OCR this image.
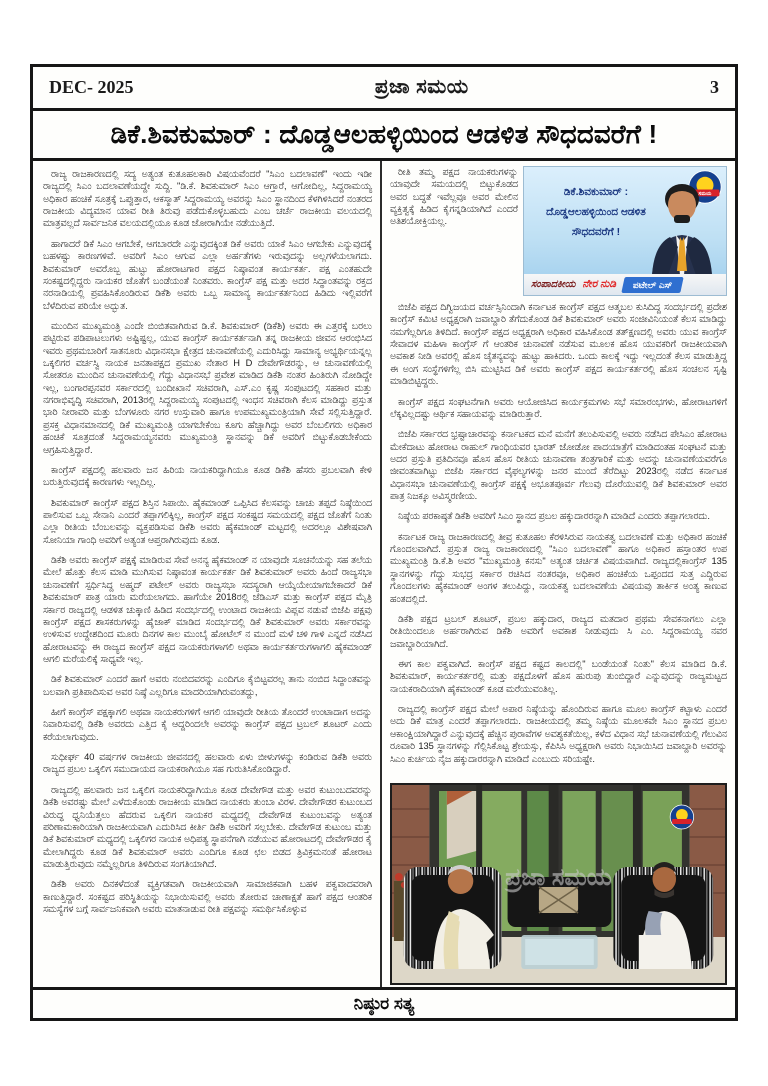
DEC- 2025	ಪ್ರಜಾ ಸಮಯ	3
ಡಿಕೆ.ಶಿವಕುಮಾರ್ : ದೊಡ್ಡಆಲಹಳ್ಳಿಯಿಂದ ಆಡಳಿತ ಸೌಧದವರೆಗೆ !

ರಾಜ್ಯ ರಾಜಕಾರಣದಲ್ಲಿ ಸದ್ಯ ಅತ್ಯಂತ ಕುತೂಹಲಕಾರಿ ವಿಷಯವೆಂದರೆ "ಸಿಎಂ ಬದಲಾವಣೆ" ಇಂದು ಇಡೀ ರಾಜ್ಯದಲ್ಲಿ ಸಿಎಂ ಬದಲಾವಣೆಯದ್ದೇ ಸುದ್ದಿ. "ಡಿ.ಕೆ. ಶಿವಕುಮಾರ್ ಸಿಎಂ ಆಗ್ತಾರೆ, ಆಗೋದಿಲ್ಲ, ಸಿದ್ದರಾಮಯ್ಯ ಅಧಿಕಾರ ಹಂಚಿಕೆ ಸೂತ್ರಕ್ಕೆ ಒಪ್ಪುತ್ತಾರ, ಆಕಸ್ಮಾತ್ ಸಿದ್ದರಾಮಯ್ಯ ಅವರನ್ನು ಸಿಎಂ ಸ್ಥಾನದಿಂದ ಕೆಳಗಿಳಿಸಿದರೆ ನಂತರದ ರಾಜಕೀಯ ವಿದ್ಯಮಾನ ಯಾವ ರೀತಿ ತಿರುವು ಪಡೆದುಕೊಳ್ಳಬಹುದು ಎಂಬ ಚರ್ಚೆ ರಾಜಕೀಯ ವಲಯದಲ್ಲಿ ಮಾತ್ರವಲ್ಲದೆ ಸಾರ್ವಜನಿಕ ವಲಯದಲ್ಲಿಯೂ ಕೂಡ ಜೋರಾಗಿಯೇ ನಡೆಯುತ್ತಿದೆ.

ಹಾಗಾದರೆ ಡಿಕೆ ಸಿಎಂ ಆಗಬೇಕೆ, ಆಗಬಾರದೇ ಎನ್ನುವುದಕ್ಕಿಂತ ಡಿಕೆ ಅವರು ಯಾಕೆ ಸಿಎಂ ಆಗಬೇಕು ಎನ್ನುವುದಕ್ಕೆ ಬಹಳಷ್ಟು ಕಾರಣಗಳಿವೆ. ಅವರಿಗೆ ಸಿಎಂ ಆಗುವ ಎಲ್ಲಾ ಅರ್ಹತೆಗಳು ಇರುವುದನ್ನು ಅಲ್ಲಗಳೆಯಲಾಗದು. ಶಿವಕುಮಾರ್ ಅವರೊಬ್ಬ ಹುಟ್ಟು ಹೋರಾಟಗಾರ ಪಕ್ಷದ ನಿಷ್ಠಾವಂತ ಕಾರ್ಯಕರ್ತ. ಪಕ್ಷ ಎಂತಹುದೇ ಸಂಕಷ್ಟದಲ್ಲಿದ್ದರು ನಾಯಕರ ಜೊತೆಗೆ ಬಂಡೆಯಂತೆ ನಿಂತವರು. ಕಾಂಗ್ರೆಸ್ ಪಕ್ಷ ಮತ್ತು ಅದರ ಸಿದ್ಧಾಂತವನ್ನು ರಕ್ತದ ನರನಾಡಿಯಲ್ಲಿ ಪ್ರವಹಿಸಿಕೊಂಡಿರುವ ಡಿಕೆಶಿ ಅವರು ಒಬ್ಬ ಸಾಮಾನ್ಯ ಕಾರ್ಯಕರ್ತನಿಂದ ಹಿಡಿದು ಇಲ್ಲಿವರೆಗೆ ಬೆಳೆದಿರುವ ಪರಿಯೇ ಅದ್ಭುತ.

ಮುಂದಿನ ಮುಖ್ಯಮಂತ್ರಿ ಎಂದೇ ಬಿಂಬಿತವಾಗಿರುವ ಡಿ.ಕೆ. ಶಿವಕುಮಾರ್ (ಡಿಕೆಶಿ) ಅವರು ಈ ಎತ್ತರಕ್ಕೆ ಬರಲು ಪಟ್ಟಿರುವ ಪಡಿಪಾಟಲುಗಳು ಅಷ್ಟಿಷ್ಟಲ್ಲ, ಯುವ ಕಾಂಗ್ರೆಸ್ ಕಾರ್ಯಕರ್ತನಾಗಿ ತನ್ನ ರಾಜಕೀಯ ಜೀವನ ಆರಂಭಿಸಿದ ಇವರು ಪ್ರಥಮಬಾರಿಗೆ ಸಾತನೂರು ವಿಧಾನಸಭಾ ಕ್ಷೇತ್ರದ ಚುನಾವಣೆಯಲ್ಲಿ ಎದುರಿಸಿದ್ದು ಸಾಮಾನ್ಯ ಅಭ್ಯರ್ಥಿಯನ್ನಲ್ಲ ಒಕ್ಕಲಿಗರ ವರ್ಚಸ್ವಿ ನಾಯಕ ಜನತಾಪಕ್ಷದ ಪ್ರಮುಖ ನೇತಾರ H D ದೇವೇಗೌಡರನ್ನು, ಆ ಚುನಾವಣೆಯಲ್ಲಿ ಸೋತರೂ ಮುಂದಿನ ಚುನಾವಣೆಯಲ್ಲಿ ಗೆದ್ದು ವಿಧಾನಸಭೆ ಪ್ರವೇಶ ಮಾಡಿದ ಡಿಕೆಶಿ ನಂತರ ಹಿಂತಿರುಗಿ ನೋಡಿದ್ದೇ ಇಲ್ಲ, ಬಂಗಾರಪ್ಪನವರ ಸರ್ಕಾರದಲ್ಲಿ ಬಂದೀಖಾನೆ ಸಚಿವರಾಗಿ, ಎಸ್.ಎಂ ಕೃಷ್ಣ ಸಂಪುಟದಲ್ಲಿ ಸಹಕಾರ ಮತ್ತು ನಗರಾಭಿವೃದ್ಧಿ ಸಚಿವರಾಗಿ, 2013ರಲ್ಲಿ ಸಿದ್ದರಾಮಯ್ಯ ಸಂಪುಟದಲ್ಲಿ ಇಂಧನ ಸಚಿವರಾಗಿ ಕೆಲಸ ಮಾಡಿದ್ದು ಪ್ರಸ್ತುತ ಭಾರಿ ನೀರಾವರಿ ಮತ್ತು ಬೆಂಗಳೂರು ನಗರ ಉಸ್ತುವಾರಿ ಹಾಗೂ ಉಪಮುಖ್ಯಮಂತ್ರಿಯಾಗಿ ಸೇವೆ ಸಲ್ಲಿಸುತ್ತಿದ್ದಾರೆ. ಪ್ರಸಕ್ತ ವಿಧಾನಮಾನದಲ್ಲಿ ಡಿಕೆ ಮುಖ್ಯಮಂತ್ರಿ ಯಾಗಬೇಕೆಂಬ ಕೂಗು ಹೆಚ್ಚಾಗಿದ್ದು ಅವರ ಬೆಂಬಲಿಗರು ಅಧಿಕಾರ ಹಂಚಿಕೆ ಸೂತ್ರದಂತೆ ಸಿದ್ದರಾಮಯ್ಯನವರು ಮುಖ್ಯಮಂತ್ರಿ ಸ್ಥಾನವನ್ನು ಡಿಕೆ ಅವರಿಗೆ ಬಿಟ್ಟುಕೊಡಬೇಕೆಂದು ಆಗ್ರಹಿಸುತ್ತಿದ್ದಾರೆ.

ಕಾಂಗ್ರೆಸ್ ಪಕ್ಷದಲ್ಲಿ ಹಲವಾರು ಜನ ಹಿರಿಯ ನಾಯಕರಿದ್ದಾಗಿಯೂ ಕೂಡ ಡಿಕೆಶಿ ಹೆಸರು ಪ್ರಬಲವಾಗಿ ಕೇಳಿ ಬರುತ್ತಿರುವುದಕ್ಕೆ ಕಾರಣಗಳು ಇಲ್ಲದಿಲ್ಲ.

ಶಿವಕುಮಾರ್ ಕಾಂಗ್ರೆಸ್ ಪಕ್ಷದ ಶಿಸ್ತಿನ ಸಿಪಾಯಿ. ಹೈಕಮಾಂಡ್ ಒಪ್ಪಿಸಿದ ಕೆಲಸವನ್ನು ಚಾಚು ತಪ್ಪದೆ ನಿಷ್ಠೆಯಿಂದ ಪಾಲಿಸುವ ಒಬ್ಬ ಸೇನಾನಿ ಎಂದರೆ ತಪ್ಪಾಗಲಿಕ್ಕಿಲ್ಲ, ಕಾಂಗ್ರೆಸ್ ಪಕ್ಷದ ಸಂಕಷ್ಟದ ಸಮಯದಲ್ಲಿ ಪಕ್ಷದ ಜೊತೆಗೆ ನಿಂತು ಎಲ್ಲಾ ರೀತಿಯ ಬೆಂಬಲವನ್ನು ವ್ಯಕ್ತಪಡಿಸುವ ಡಿಕೆಶಿ ಅವರು ಹೈಕಮಾಂಡ್ ಮಟ್ಟದಲ್ಲಿ ಅದರಲ್ಲೂ ವಿಶೇಷವಾಗಿ ಸೋನಿಯಾ ಗಾಂಧಿ ಅವರಿಗೆ ಅತ್ಯಂತ ಆಪ್ತರಾಗಿರುವುದು ಕೂಡ.

ಡಿಕೆಶಿ ಅವರು ಕಾಂಗ್ರೆಸ್ ಪಕ್ಷಕ್ಕೆ ಮಾಡಿರುವ ಸೇವೆ ಅನನ್ಯ ಹೈಕಮಾಂಡ್ ನ ಯಾವುದೇ ಸೂಚನೆಯನ್ನು ಸಹ ತಲೆಯ ಮೇಲೆ ಹೊತ್ತು ಕೆಲಸ ಮಾಡಿ ಮುಗಿಸುವ ನಿಷ್ಠಾವಂತ ಕಾರ್ಯಕರ್ತ ಡಿಕೆ ಶಿವಕುಮಾರ್ ಅವರು ಹಿಂದೆ ರಾಜ್ಯಸಭಾ ಚುನಾವಣೆಗೆ ಸ್ಪರ್ಧಿಸಿದ್ದ ಅಹ್ಮದ್ ಪಟೇಲ್ ಅವರು ರಾಜ್ಯಸಭಾ ಸದಸ್ಯರಾಗಿ ಆಯ್ಕೆಯೇಯಾಗಬೇಕಾದರೆ ಡಿಕೆ ಶಿವಕುಮಾರ್ ಪಾತ್ರ ಯಾರು ಮರೆಯಲಾಗದು. ಹಾಗೆಯೇ 2018ರಲ್ಲಿ ಜೆಡಿಎಸ್ ಮತ್ತು ಕಾಂಗ್ರೆಸ್ ಪಕ್ಷದ ಮೈತ್ರಿ ಸರ್ಕಾರ ರಾಜ್ಯದಲ್ಲಿ ಆಡಳಿತ ಚುಕ್ಕಾಣಿ ಹಿಡಿದ ಸಂದರ್ಭದಲ್ಲಿ ಉಂಟಾದ ರಾಜಕೀಯ ವಿಪ್ಲವ ನಡುವೆ ಬಿಜೆಪಿ ಪಕ್ಷವು ಕಾಂಗ್ರೆಸ್ ಪಕ್ಷದ ಶಾಸಕರುಗಳನ್ನು ಹೈಜಾಕ್ ಮಾಡಿದ ಸಂದರ್ಭದಲ್ಲಿ ಡಿಕೆ ಶಿವಕುಮಾರ್ ಅವರು ಸರ್ಕಾರವನ್ನು ಉಳಿಸುವ ಉದ್ದೇಶದಿಂದ ಮೂರು ದಿನಗಳ ಕಾಲ ಮುಂಬೈ ಹೋಟೆಲ್ ನ ಮುಂದೆ ಮಳೆ ಚಳಿ ಗಾಳಿ ಎನ್ನದೆ ನಡೆಸಿದ ಹೋರಾಟವನ್ನು ಈ ರಾಜ್ಯದ ಕಾಂಗ್ರೆಸ್ ಪಕ್ಷದ ನಾಯಕರುಗಳಾಗಲಿ ಅಥವಾ ಕಾರ್ಯಕರ್ತರುಗಳಾಗಲಿ ಹೈಕಮಾಂಡ್ ಆಗಲಿ ಮರೆಯಲಿಕ್ಕೆ ಸಾಧ್ಯವೇ ಇಲ್ಲ.

ಡಿಕೆ ಶಿವಕುಮಾರ್ ಎಂದರೆ ಹಾಗೆ ಅವರು ನಂಬಿದವರನ್ನು ಎಂದಿಗೂ ಕೈಬಿಟ್ಟವರಲ್ಲ ತಾನು ನಂಬಿದ ಸಿದ್ಧಾಂತವನ್ನು ಬಲವಾಗಿ ಪ್ರತಿಪಾದಿಸುವ ಅವರ ನಿಷ್ಠೆ ಎಲ್ಲರಿಗೂ ಮಾದರಿಯಾಗಿರುವಂತದ್ದು,

ಹೀಗೆ ಕಾಂಗ್ರೆಸ್ ಪಕ್ಷಕ್ಕಾಗಲಿ ಅಥವಾ ನಾಯಕರುಗಳಿಗೆ ಆಗಲಿ ಯಾವುದೇ ರೀತಿಯ ತೊಂದರೆ ಉಂಟಾದಾಗ ಅದನ್ನು ನಿವಾರಿಸುವಲ್ಲಿ ಡಿಕೆಶಿ ಅವರದು ಎತ್ತಿದ ಕೈ ಆದ್ದರಿಂದಲೇ ಅವರನ್ನು ಕಾಂಗ್ರೆಸ್ ಪಕ್ಷದ ಟ್ರಬಲ್ ಶೂಟರ್ ಎಂದು ಕರೆಯಲಾಗುವುದು.

ಸುಧೀರ್ಘ 40 ವರ್ಷಗಳ ರಾಜಕೀಯ ಜೀವನದಲ್ಲಿ ಹಲವಾರು ಏಳು ಬೀಳುಗಳನ್ನು ಕಂಡಿರುವ ಡಿಕೆಶಿ ಅವರು ರಾಜ್ಯದ ಪ್ರಬಲ ಒಕ್ಕಲಿಗ ಸಮುದಾಯದ ನಾಯಕರಾಗಿಯೂ ಸಹ ಗುರುತಿಸಿಕೊಂಡಿದ್ದಾರೆ.

ರಾಜ್ಯದಲ್ಲಿ ಹಲವಾರು ಜನ ಒಕ್ಕಲಿಗ ನಾಯಕರಿದ್ದಾಗಿಯೂ ಕೂಡ ದೇವೇಗೌಡ ಮತ್ತು ಅವರ ಕುಟುಂಬದವರನ್ನು ಡಿಕೆಶಿ ಅವರಷ್ಟು ಮೇಲೆ ಎಳೆದುಕೊಂಡು ರಾಜಕೀಯ ಮಾಡಿದ ನಾಯಕರು ತುಂಬಾ ವಿರಳ. ದೇವೇಗೌಡರ ಕುಟುಂಬದ ವಿರುದ್ಧ ಧ್ವನಿಯೆತ್ತಲು ಹೆದರುವ ಒಕ್ಕಲಿಗ ನಾಯಕರ ಮಧ್ಯದಲ್ಲಿ ದೇವೇಗೌಡ ಕುಟುಂಬವನ್ನು ಅತ್ಯಂತ ಪರಿಣಾಮಕಾರಿಯಾಗಿ ರಾಜಕೀಯವಾಗಿ ಎದುರಿಸಿದ ಕೀರ್ತಿ ಡಿಕೆಶಿ ಅವರಿಗೆ ಸಲ್ಲಬೇಕು. ದೇವೇಗೌಡ ಕುಟುಂಬ ಮತ್ತು ಡಿಕೆ ಶಿವಕುಮಾರ್ ಮಧ್ಯದಲ್ಲಿ ಒಕ್ಕಲಿಗರ ನಾಯಕ ಅಧಿಪತ್ಯ ಸ್ಥಾಪನೆಗಾಗಿ ನಡೆಯುವ ಹೋರಾಟದಲ್ಲಿ ದೇವೇಗೌಡರ ಕೈ ಮೇಲಾಗಿದ್ದರು ಕೂಡ ಡಿಕೆ ಶಿವಕುಮಾರ್ ಅವರು ಎಂದಿಗೂ ಕೂಡ ಛಲ ಬಿಡದ ತ್ರಿವಿಕ್ರಮನಂತೆ ಹೋರಾಟ ಮಾಡುತ್ತಿರುವುದು ನಮ್ಮೆಲ್ಲರಿಗೂ ತಿಳಿದಿರುವ ಸಂಗತಿಯಾಗಿದೆ.

ಡಿಕೆಶಿ ಅವರು ದಿನಕಳೆದಂತೆ ವ್ಯಕ್ತಿಗತವಾಗಿ ರಾಜಕೀಯವಾಗಿ ಸಾಮಾಜಿಕವಾಗಿ ಬಹಳ ಪಕ್ವವಾದವರಾಗಿ ಕಾಣುತ್ತಿದ್ದಾರೆ. ಸಂಕಷ್ಟದ ಪರಿಸ್ಥಿತಿಯನ್ನು ನಿಭಾಯಿಸುವಲ್ಲಿ ಅವರು ತೋರುವ ಚಾಣಾಕ್ಷತೆ ಹಾಗೆ ಪಕ್ಷದ ಆಂತರಿಕ ಸಮಸ್ಯೆಗಳ ಬಗ್ಗೆ ಸಾರ್ವಜನಿಕವಾಗಿ ಅವರು ಮಾತನಾಡುವ ರೀತಿ ಪಕ್ಷವನ್ನು ಸಮರ್ಥಿಸಿಕೊಳ್ಳುವ

ರೀತಿ ತಮ್ಮ ಪಕ್ಷದ ನಾಯಕರುಗಳನ್ನು ಯಾವುದೇ ಸಮಯದಲ್ಲಿ ಬಿಟ್ಟುಕೊಡದ ಅವರ ಬದ್ಧತೆ ಇವೆಲ್ಲವೂ ಅವರ ಮೇಲಿನ ವ್ಯಕ್ತಿತ್ವಕ್ಕೆ ಹಿಡಿದ ಕೈಗನ್ನಡಿಯಾಗಿದೆ ಎಂದರೆ ಅತಿಶಯೋಕ್ತಿಯಲ್ಲ.

ಸಮಯ
ಡಿಕೆ.ಶಿವಕುಮಾರ್ :
ದೊಡ್ಡಆಲಹಳ್ಳಿಯಿಂದ ಆಡಳಿತ
ಸೌಧದವರೆಗೆ !
ಸಂಪಾದಕೀಯ ನೇರ ನುಡಿ	ಪಟೇಲ್ ಎಸ್

ಬಿಜೆಪಿ ಪಕ್ಷದ ದಿಗ್ವಿಜಯದ ವರ್ಚಸ್ಸಿನಿಂದಾಗಿ ಕರ್ನಾಟಕ ಕಾಂಗ್ರೆಸ್ ಪಕ್ಷದ ಆತ್ಮಬಲ ಕುಸಿದಿದ್ದ ಸಂದರ್ಭದಲ್ಲಿ ಪ್ರದೇಶ ಕಾಂಗ್ರೆಸ್ ಕಮಿಟಿ ಅಧ್ಯಕ್ಷರಾಗಿ ಜವಾಬ್ದಾರಿ ತೆಗೆದುಕೊಂಡ ಡಿಕೆ ಶಿವಕುಮಾರ್ ಅವರು ಸಂಜೀವಿನಿಯಂತೆ ಕೆಲಸ ಮಾಡಿದ್ದು ನಮಗೆಲ್ಲರಿಗೂ ತಿಳಿದಿದೆ. ಕಾಂಗ್ರೆಸ್ ಪಕ್ಷದ ಅಧ್ಯಕ್ಷರಾಗಿ ಅಧಿಕಾರ ವಹಿಸಿಕೊಂಡ ತತ್‌ಕ್ಷಣದಲ್ಲಿ ಅವರು ಯುವ ಕಾಂಗ್ರೆಸ್ ಸೇವಾದಳ ಮಹಿಳಾ ಕಾಂಗ್ರೆಸ್ ಗೆ ಆಂತರಿಕ ಚುನಾವಣೆ ನಡೆಸುವ ಮೂಲಕ ಹೊಸ ಯುವಕರಿಗೆ ರಾಜಕೀಯವಾಗಿ ಅವಕಾಶ ನೀಡಿ ಅವರಲ್ಲಿ ಹೊಸ ಚೈತನ್ಯವನ್ನು ಹುಟ್ಟು ಹಾಕಿದರು. ಒಂದು ಕಾಲಕ್ಕೆ ಇದ್ದು ಇಲ್ಲದಂತೆ ಕೆಲಸ ಮಾಡುತ್ತಿದ್ದ ಈ ಅಂಗ ಸಂಸ್ಥೆಗಳಿಗೆಲ್ಲ ಬಿಸಿ ಮುಟ್ಟಿಸಿದ ಡಿಕೆ ಅವರು ಕಾಂಗ್ರೆಸ್ ಪಕ್ಷದ ಕಾರ್ಯಕರ್ತರಲ್ಲಿ ಹೊಸ ಸಂಚಲನ ಸೃಷ್ಟಿ ಮಾಡಿಬಿಟ್ಟಿದ್ದರು.

ಕಾಂಗ್ರೆಸ್ ಪಕ್ಷದ ಸಂಘಟನೆಗಾಗಿ ಅವರು ಆಯೋಜಿಸಿದ ಕಾರ್ಯಕ್ರಮಗಳು ಸಭೆ ಸಮಾರಂಭಗಳು, ಹೋರಾಟಗಳಿಗೆ ಲೆಕ್ಕವಿಲ್ಲದಷ್ಟು ಆರ್ಥಿಕ ಸಹಾಯವನ್ನು ಮಾಡಿರುತ್ತಾರೆ.

ಬಿಜೆಪಿ ಸರ್ಕಾರದ ಭ್ರಷ್ಟಾಚಾರವನ್ನು ಕರ್ನಾಟಕದ ಮನೆ ಮನೆಗೆ ತಲುಪಿಸುವಲ್ಲಿ ಅವರು ನಡೆಸಿದ ಪೇಸಿಎಂ ಹೋರಾಟ ಮೇಕೆದಾಟು ಹೋರಾಟ ರಾಹುಲ್ ಗಾಂಧಿಯವರ ಭಾರತ್ ಜೋಡೋ ಪಾದಯಾತ್ರೆಗೆ ಮಾಡಿದಂತಹ ಸಂಘಟನೆ ಮತ್ತು ಅದರ ಪ್ರಸ್ತುತಿ ಪ್ರತಿದಿನವೂ ಹೊಸ ಹೊಸ ರೀತಿಯ ಚುನಾವಣಾ ತಂತ್ರಗಾರಿಕೆ ಮತ್ತು ಅದನ್ನು ಚುನಾವಣೆಯವರೆಗೂ ಜೀವಂತವಾಗಿಟ್ಟು ಬಿಜೆಪಿ ಸರ್ಕಾರದ ವೈಫಲ್ಯಗಳನ್ನು ಜನರ ಮುಂದೆ ತೆರೆದಿಟ್ಟು 2023ರಲ್ಲಿ ನಡೆದ ಕರ್ನಾಟಕ ವಿಧಾನಸಭಾ ಚುನಾವಣೆಯಲ್ಲಿ ಕಾಂಗ್ರೆಸ್ ಪಕ್ಷಕ್ಕೆ ಅಭೂತಪೂರ್ವ ಗೆಲುವು ದೊರೆಯುವಲ್ಲಿ ಡಿಕೆ ಶಿವಕುಮಾರ್ ಅವರ ಪಾತ್ರ ನಿಜಕ್ಕೂ ಅವಿಸ್ಮರಣೀಯ.

ನಿಷ್ಠೆಯ ಪರಕಾಷ್ಠತೆ ಡಿಕೆಶಿ ಅವರಿಗೆ ಸಿಎಂ ಸ್ಥಾನದ ಪ್ರಬಲ ಹಕ್ಕುದಾರರನ್ನಾಗಿ ಮಾಡಿದೆ ಎಂದರು ತಪ್ಪಾಗಲಾರದು.

ಕರ್ನಾಟಕ ರಾಜ್ಯ ರಾಜಕಾರಣದಲ್ಲಿ ತೀವ್ರ ಕುತೂಹಲ ಕೆರಳಿಸಿರುವ ನಾಯಕತ್ವ ಬದಲಾವಣೆ ಮತ್ತು ಅಧಿಕಾರ ಹಂಚಿಕೆ ಗೊಂದಲವಾಗಿದೆ. ಪ್ರಸ್ತುತ ರಾಜ್ಯ ರಾಜಕಾರಣದಲ್ಲಿ "ಸಿಎಂ ಬದಲಾವಣೆ" ಹಾಗೂ ಅಧಿಕಾರ ಹಸ್ತಾಂತರ ಉಪ ಮುಖ್ಯಮಂತ್ರಿ ಡಿ.ಕೆ.ಶಿ ಅವರ "ಮುಖ್ಯಮಂತ್ರಿ ಕನಸು" ಅತ್ಯಂತ ಚರ್ಚಿತ ವಿಷಯವಾಗಿದೆ. ರಾಜ್ಯದಲ್ಲಿಕಾಂಗ್ರೆಸ್ 135 ಸ್ಥಾನಗಳನ್ನು ಗೆದ್ದು ಸುಭದ್ರ ಸರ್ಕಾರ ರಚಿಸಿದ ನಂತರವೂ, ಅಧಿಕಾರ ಹಂಚಿಕೆಯ ಒಪ್ಪಂದದ ಸುತ್ತ ಎದ್ದಿರುವ ಗೊಂದಲಗಳು ಹೈಕಮಾಂಡ್ ಅಂಗಳ ತಲುಪಿದ್ದು, ನಾಯಕತ್ವ ಬದಲಾವಣೆಯ ವಿಷಯವು ತಾರ್ಕಿಕ ಅಂತ್ಯ ಕಾಣುವ ಹಂತದಲ್ಲಿದೆ.

ಡಿಕೆಶಿ ಪಕ್ಷದ ಟ್ರಬಲ್ ಶೂಟರ್, ಪ್ರಬಲ ಹಕ್ಕುದಾರ, ರಾಜ್ಯದ ಮತದಾರ ಪ್ರಥಮ ಸೇವಕನಾಗಲು ಎಲ್ಲಾ ರೀತಿಯಿಂದಲೂ ಅರ್ಹರಾಗಿರುವ ಡಿಕೆಶಿ ಅವರಿಗೆ ಅವಕಾಶ ನೀಡುವುದು ಸಿ ಎಂ. ಸಿದ್ದರಾಮಯ್ಯ ನವರ ಜವಾಬ್ದಾರಿಯಾಗಿದೆ.

ಈಗ ಕಾಲ ಪಕ್ವವಾಗಿದೆ. ಕಾಂಗ್ರೆಸ್ ಪಕ್ಷದ ಕಷ್ಟದ ಕಾಲದಲ್ಲಿ" ಬಂಡೆಯಂತೆ ನಿಂತು" ಕೆಲಸ ಮಾಡಿದ ಡಿ.ಕೆ. ಶಿವಕುಮಾರ್, ಕಾರ್ಯಕರ್ತರಲ್ಲಿ ಮತ್ತು ಪಕ್ಷದೊಳಗೆ ಹೊಸ ಹುರುಪು ತುಂಬಿದ್ದಾರೆ ಎನ್ನುವುದನ್ನು ರಾಜ್ಯಮಟ್ಟದ ನಾಯಕರಾದಿಯಾಗಿ ಹೈಕಮಾಂಡ್ ಕೂಡ ಮರೆಯುವಂತಿಲ್ಲ.

ರಾಜ್ಯದಲ್ಲಿ ಕಾಂಗ್ರೆಸ್ ಪಕ್ಷದ ಮೇಲೆ ಅಪಾರ ನಿಷ್ಠೆಯನ್ನು ಹೊಂದಿರುವ ಹಾಗೂ ಮೂಲ ಕಾಂಗ್ರೆಸ್ ಕಟ್ಟಾಳು ಎಂದರೆ ಅದು ಡಿಕೆ ಮಾತ್ರ ಎಂದರೆ ತಪ್ಪಾಗಲಾರದು. ರಾಜಕೀಯದಲ್ಲಿ ತಮ್ಮ ನಿಷ್ಠೆಯ ಮೂಲಕವೇ ಸಿಎಂ ಸ್ಥಾನದ ಪ್ರಬಲ ಆಕಾಂಕ್ಷಿಯಾಗಿದ್ದಾರೆ ಎನ್ನುವುದಕ್ಕೆ ಹೆಚ್ಚಿನ ಪುರಾವೆಗಳ ಅವಶ್ಯಕತೆಯಿಲ್ಲ, ಕಳೆದ ವಿಧಾನ ಸಭೆ ಚುನಾವಣೆಯಲ್ಲಿ ಗೆಲುವಿನ ರೂವಾರಿ 135 ಸ್ಥಾನಗಳನ್ನು ಗೆಲ್ಲಿಸಿಕೊಟ್ಟ ಶ್ರೇಯಸ್ಸು, ಕೆಪಿಸಿಸಿ ಅಧ್ಯಕ್ಷರಾಗಿ ಅವರು ನಿಭಾಯಿಸಿದ ಜವಾಬ್ದಾರಿ ಅವರನ್ನು ಸಿಎಂ ಕುರ್ಚಿಯ ನೈಜ ಹಕ್ಕುದಾರರನ್ನಾಗಿ ಮಾಡಿದೆ ಎಂಬುದು ಸರಿಯಷ್ಟೇ.

ಪ್ರಜಾ ಸಮಯ
ನಿಷ್ಠುರ ಸತ್ಯ
